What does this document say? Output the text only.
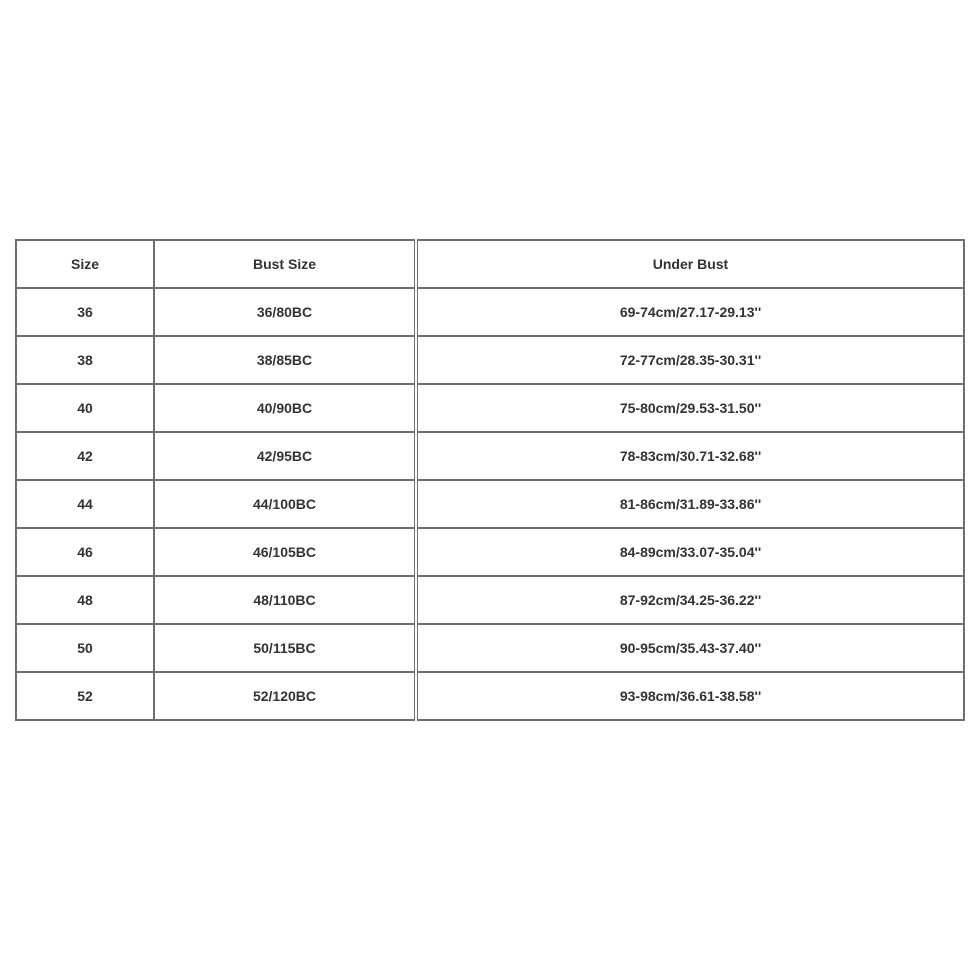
Size	Bust Size	Under Bust
36	36/80BC	69-74cm/27.17-29.13''
38	38/85BC	72-77cm/28.35-30.31''
40	40/90BC	75-80cm/29.53-31.50''
42	42/95BC	78-83cm/30.71-32.68''
44	44/100BC	81-86cm/31.89-33.86''
46	46/105BC	84-89cm/33.07-35.04''
48	48/110BC	87-92cm/34.25-36.22''
50	50/115BC	90-95cm/35.43-37.40''
52	52/120BC	93-98cm/36.61-38.58''
